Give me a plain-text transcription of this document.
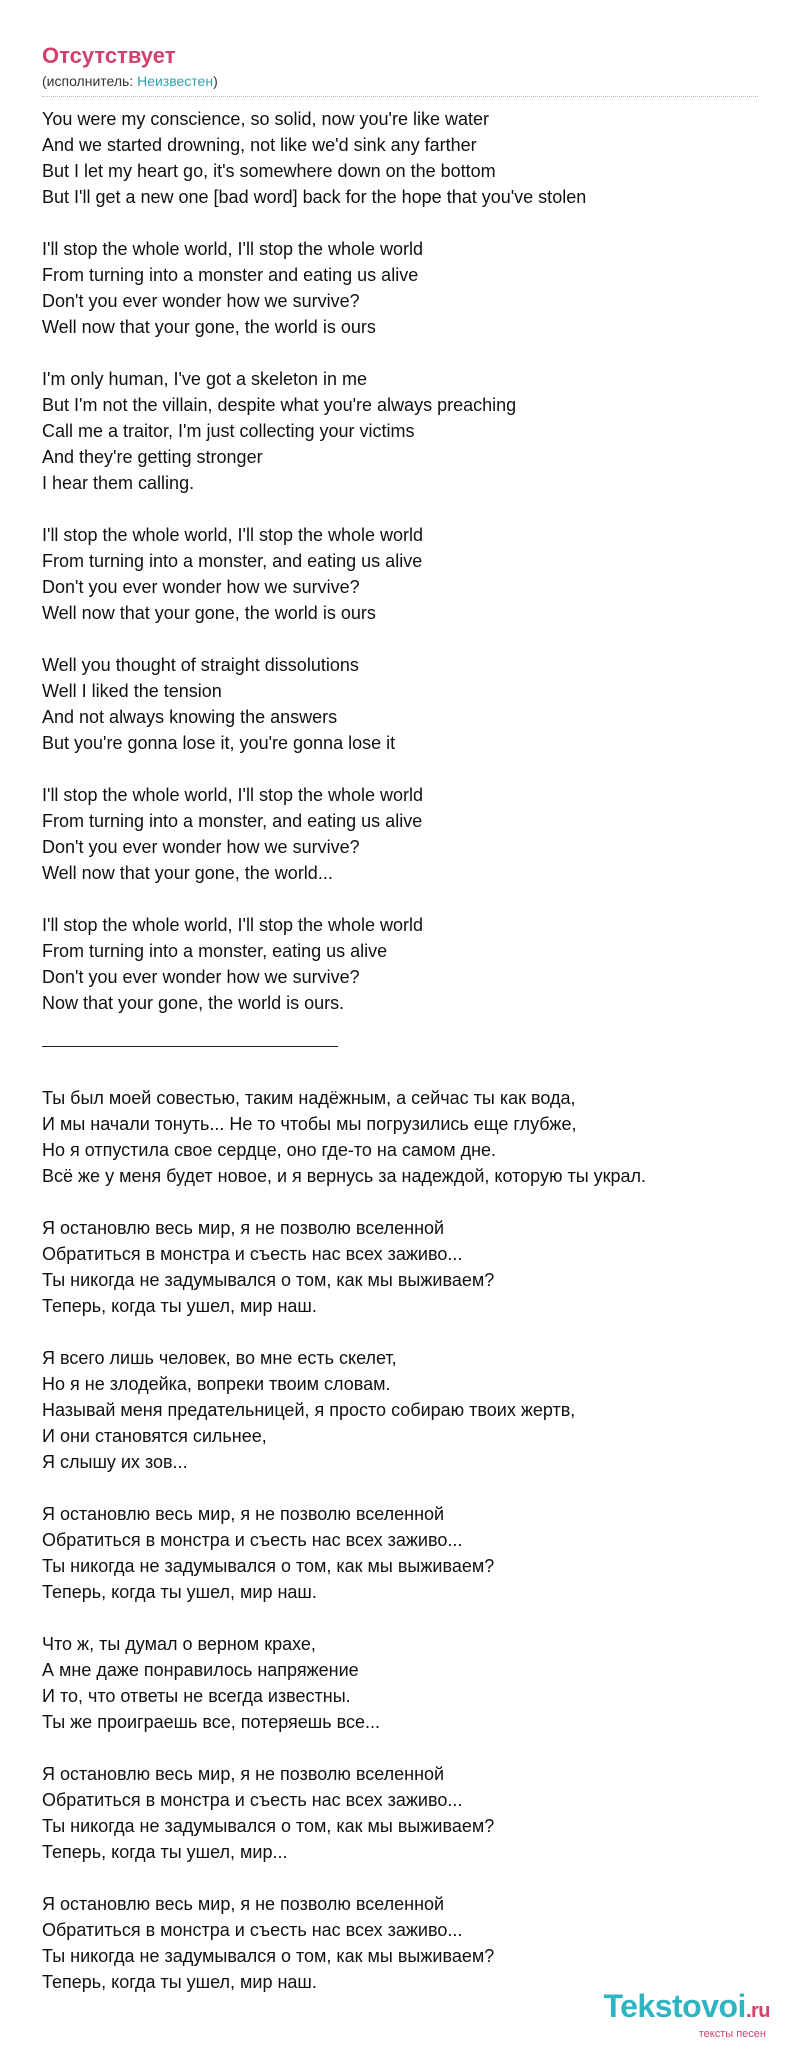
Отсутствует
(исполнитель: Неизвестен)
You were my conscience, so solid, now you're like water
And we started drowning, not like we'd sink any farther
But I let my heart go, it's somewhere down on the bottom
But I'll get a new one [bad word] back for the hope that you've stolen
I'll stop the whole world, I'll stop the whole world
From turning into a monster and eating us alive
Don't you ever wonder how we survive?
Well now that your gone, the world is ours
I'm only human, I've got a skeleton in me
But I'm not the villain, despite what you're always preaching
Call me a traitor, I'm just collecting your victims
And they're getting stronger
I hear them calling.
I'll stop the whole world, I'll stop the whole world
From turning into a monster, and eating us alive
Don't you ever wonder how we survive?
Well now that your gone, the world is ours
Well you thought of straight dissolutions
Well I liked the tension
And not always knowing the answers
But you're gonna lose it, you're gonna lose it
I'll stop the whole world, I'll stop the whole world
From turning into a monster, and eating us alive
Don't you ever wonder how we survive?
Well now that your gone, the world...
I'll stop the whole world, I'll stop the whole world
From turning into a monster, eating us alive
Don't you ever wonder how we survive?
Now that your gone, the world is ours.
Ты был моей совестью, таким надёжным, а сейчас ты как вода,
И мы начали тонуть... Не то чтобы мы погрузились еще глубже,
Но я отпустила свое сердце, оно где-то на самом дне.
Всё же у меня будет новое, и я вернусь за надеждой, которую ты украл.
Я остановлю весь мир, я не позволю вселенной
Обратиться в монстра и съесть нас всех заживо...
Ты никогда не задумывался о том, как мы выживаем?
Теперь, когда ты ушел, мир наш.
Я всего лишь человек, во мне есть скелет,
Но я не злодейка, вопреки твоим словам.
Называй меня предательницей, я просто собираю твоих жертв,
И они становятся сильнее,
Я слышу их зов...
Я остановлю весь мир, я не позволю вселенной
Обратиться в монстра и съесть нас всех заживо...
Ты никогда не задумывался о том, как мы выживаем?
Теперь, когда ты ушел, мир наш.
Что ж, ты думал о верном крахе,
А мне даже понравилось напряжение
И то, что ответы не всегда известны.
Ты же проиграешь все, потеряешь все...
Я остановлю весь мир, я не позволю вселенной
Обратиться в монстра и съесть нас всех заживо...
Ты никогда не задумывался о том, как мы выживаем?
Теперь, когда ты ушел, мир...
Я остановлю весь мир, я не позволю вселенной
Обратиться в монстра и съесть нас всех заживо...
Ты никогда не задумывался о том, как мы выживаем?
Теперь, когда ты ушел, мир наш.
Tekstovoi.ru
тексты песен
